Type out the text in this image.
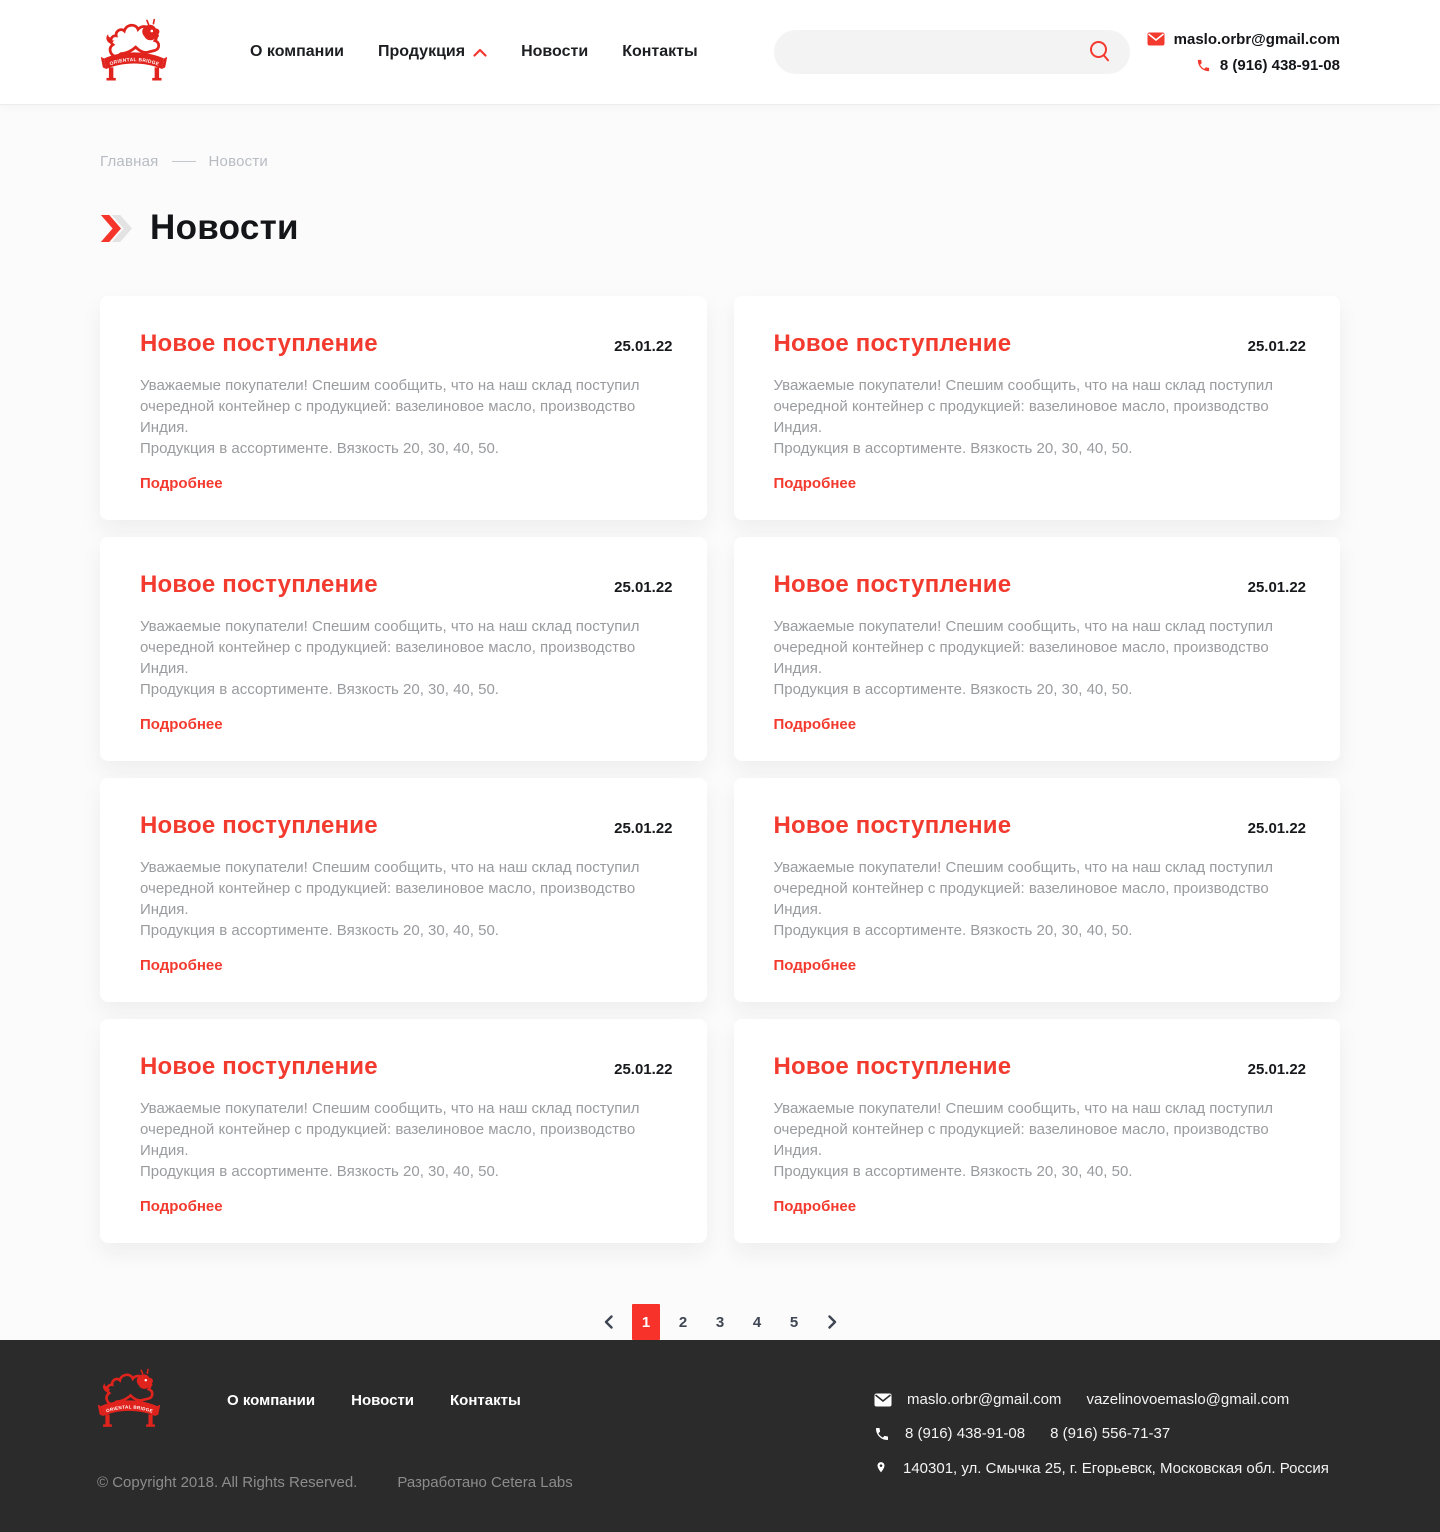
О компании Продукция	Новости Контакты
maslo.orbr@gmail.com
8 (916) 438-91-08
Главная	Новости
Новости
Новое поступление	25.01.22

Уважаемые покупатели! Спешим сообщить, что на наш склад поступил очередной контейнер с продукцией: вазелиновое масло, производство Индия.
Продукция в ассортименте. Вязкость 20, 30, 40, 50.

Подробнее
Новое поступление	25.01.22

Уважаемые покупатели! Спешим сообщить, что на наш склад поступил очередной контейнер с продукцией: вазелиновое масло, производство Индия.
Продукция в ассортименте. Вязкость 20, 30, 40, 50.

Подробнее
Новое поступление	25.01.22

Уважаемые покупатели! Спешим сообщить, что на наш склад поступил очередной контейнер с продукцией: вазелиновое масло, производство Индия.
Продукция в ассортименте. Вязкость 20, 30, 40, 50.

Подробнее
Новое поступление	25.01.22

Уважаемые покупатели! Спешим сообщить, что на наш склад поступил очередной контейнер с продукцией: вазелиновое масло, производство Индия.
Продукция в ассортименте. Вязкость 20, 30, 40, 50.

Подробнее
Новое поступление	25.01.22

Уважаемые покупатели! Спешим сообщить, что на наш склад поступил очередной контейнер с продукцией: вазелиновое масло, производство Индия.
Продукция в ассортименте. Вязкость 20, 30, 40, 50.

Подробнее
Новое поступление	25.01.22

Уважаемые покупатели! Спешим сообщить, что на наш склад поступил очередной контейнер с продукцией: вазелиновое масло, производство Индия.
Продукция в ассортименте. Вязкость 20, 30, 40, 50.

Подробнее
Новое поступление	25.01.22

Уважаемые покупатели! Спешим сообщить, что на наш склад поступил очередной контейнер с продукцией: вазелиновое масло, производство Индия.
Продукция в ассортименте. Вязкость 20, 30, 40, 50.

Подробнее
Новое поступление	25.01.22

Уважаемые покупатели! Спешим сообщить, что на наш склад поступил очередной контейнер с продукцией: вазелиновое масло, производство Индия.
Продукция в ассортименте. Вязкость 20, 30, 40, 50.

Подробнее
1	2	3	4	5
О компании Новости Контакты
© Copyright 2018. All Rights Reserved.	Разработано Cetera Labs
maslo.orbr@gmail.com vazelinovoemaslo@gmail.com
8 (916) 438-91-08 8 (916) 556-71-37
140301, ул. Смычка 25, г. Егорьевск, Московская обл. Россия
